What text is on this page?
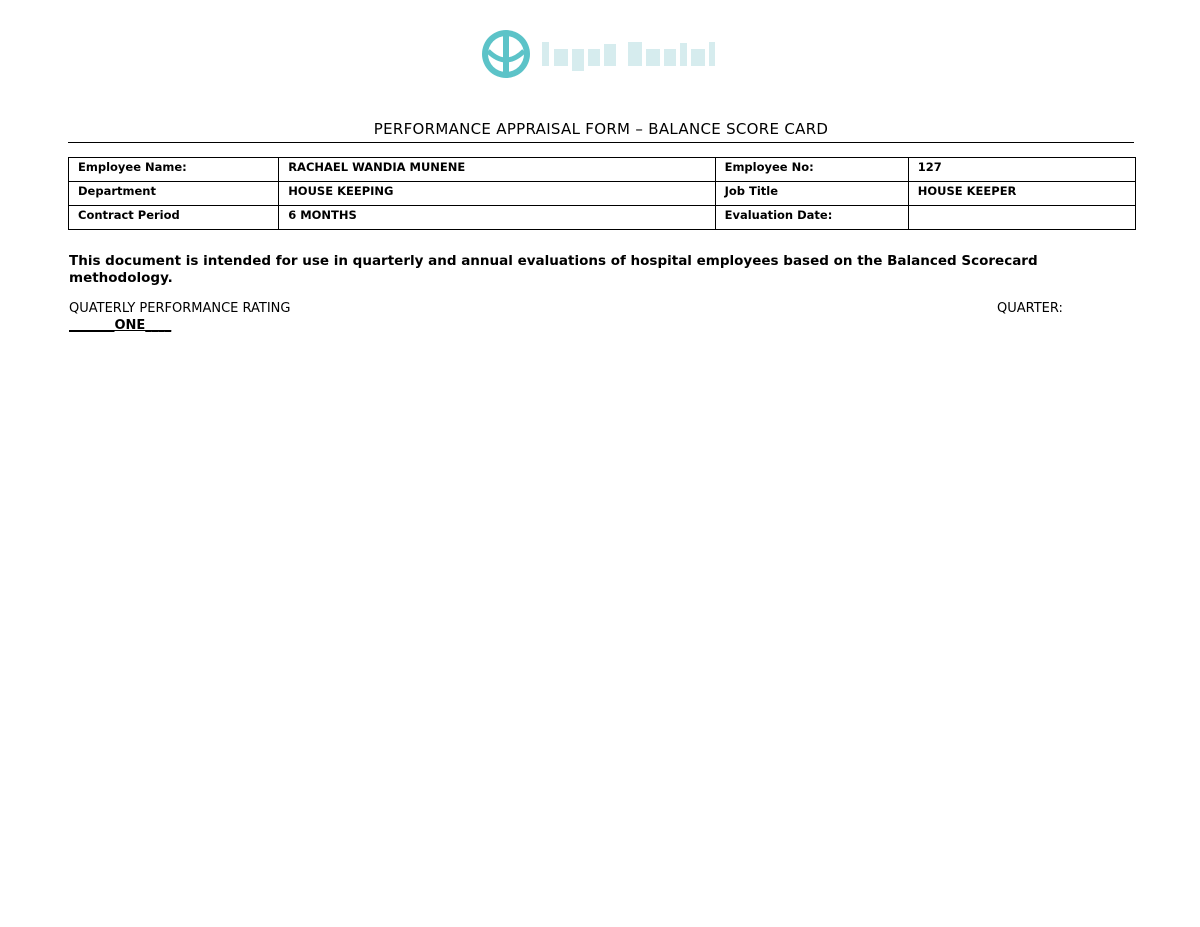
PERFORMANCE APPRAISAL FORM – BALANCE SCORE CARD
Employee Name:	RACHAEL WANDIA MUNENE	Employee No:	127
Department	HOUSE KEEPING	Job Title	HOUSE KEEPER
Contract Period	6 MONTHS	Evaluation Date:	
This document is intended for use in quarterly and annual evaluations of hospital employees based on the Balanced Scorecard methodology.
QUATERLY PERFORMANCE RATING	QUARTER:
_______ONE____
